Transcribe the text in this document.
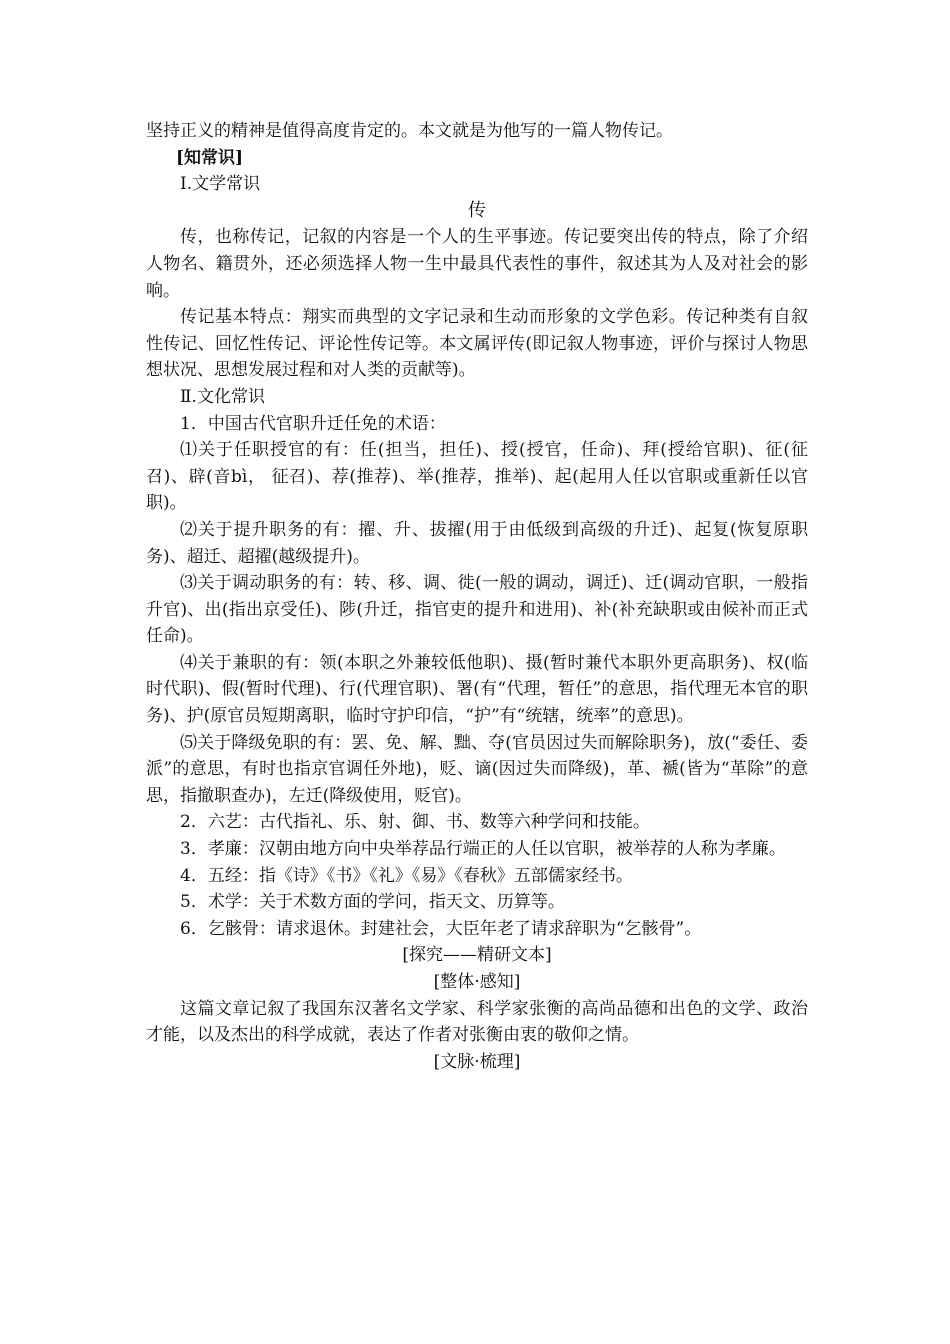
坚持正义的精神是值得高度肯定的。本文就是为他写的一篇人物传记。

[知常识]

Ⅰ.文学常识

传

传，也称传记，记叙的内容是一个人的生平事迹。传记要突出传的特点，除了介绍人物名、籍贯外，还必须选择人物一生中最具代表性的事件，叙述其为人及对社会的影响。

传记基本特点：翔实而典型的文字记录和生动而形象的文学色彩。传记种类有自叙性传记、回忆性传记、评论性传记等。本文属评传(即记叙人物事迹，评价与探讨人物思想状况、思想发展过程和对人类的贡献等)。

Ⅱ.文化常识

1．中国古代官职升迁任免的术语：

⑴关于任职授官的有：任(担当，担任)、授(授官，任命)、拜(授给官职)、征(征召)、辟(音bì， 征召)、荐(推荐)、举(推荐，推举)、起(起用人任以官职或重新任以官职)。

⑵关于提升职务的有：擢、升、拔擢(用于由低级到高级的升迁)、起复(恢复原职务)、超迁、超擢(越级提升)。

⑶关于调动职务的有：转、移、调、徙(一般的调动，调迁)、迁(调动官职，一般指升官)、出(指出京受任)、陟(升迁，指官吏的提升和进用)、补(补充缺职或由候补而正式任命)。

⑷关于兼职的有：领(本职之外兼较低他职)、摄(暂时兼代本职外更高职务)、权(临时代职)、假(暂时代理)、行(代理官职)、署(有“代理，暂任”的意思，指代理无本官的职务)、护(原官员短期离职，临时守护印信，“护”有“统辖，统率”的意思)。

⑸关于降级免职的有：罢、免、解、黜、夺(官员因过失而解除职务)，放(“委任、委派”的意思，有时也指京官调任外地)，贬、谪(因过失而降级)，革、褫(皆为“革除”的意思，指撤职查办)，左迁(降级使用，贬官)。

2．六艺：古代指礼、乐、射、御、书、数等六种学问和技能。

3．孝廉：汉朝由地方向中央举荐品行端正的人任以官职，被举荐的人称为孝廉。

4．五经：指《诗》《书》《礼》《易》《春秋》五部儒家经书。

5．术学：关于术数方面的学问，指天文、历算等。

6．乞骸骨：请求退休。封建社会，大臣年老了请求辞职为“乞骸骨”。

[探究——精研文本]

[整体·感知]

这篇文章记叙了我国东汉著名文学家、科学家张衡的高尚品德和出色的文学、政治才能，以及杰出的科学成就，表达了作者对张衡由衷的敬仰之情。

[文脉·梳理]
